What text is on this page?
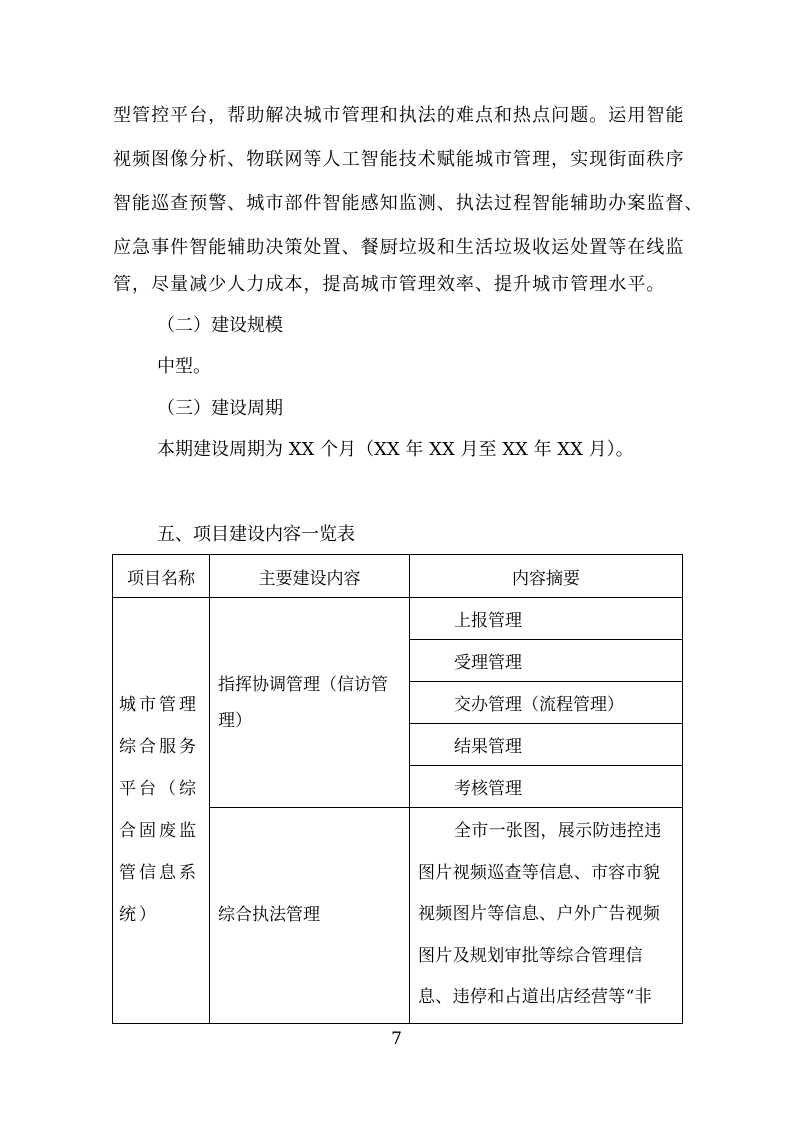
型管控平台，帮助解决城市管理和执法的难点和热点问题。运用智能
视频图像分析、物联网等人工智能技术赋能城市管理，实现街面秩序
智能巡查预警、城市部件智能感知监测、执法过程智能辅助办案监督、
应急事件智能辅助决策处置、餐厨垃圾和生活垃圾收运处置等在线监
管，尽量减少人力成本，提高城市管理效率、提升城市管理水平。
（二）建设规模
中型。
（三）建设周期
本期建设周期为 XX 个月（XX 年 XX 月至 XX 年 XX 月）。
五、项目建设内容一览表
项目名称	主要建设内容	内容摘要
城市管理综合服务平台（综合固废监管信息系统）	指挥协调管理（信访管理）	上报管理
		受理管理
		交办管理（流程管理）
		结果管理
		考核管理
	综合执法管理	全市一张图，展示防违控违图片视频巡查等信息、市容市貌视频图片等信息、户外广告视频图片及规划审批等综合管理信息、违停和占道出店经营等“非
7
